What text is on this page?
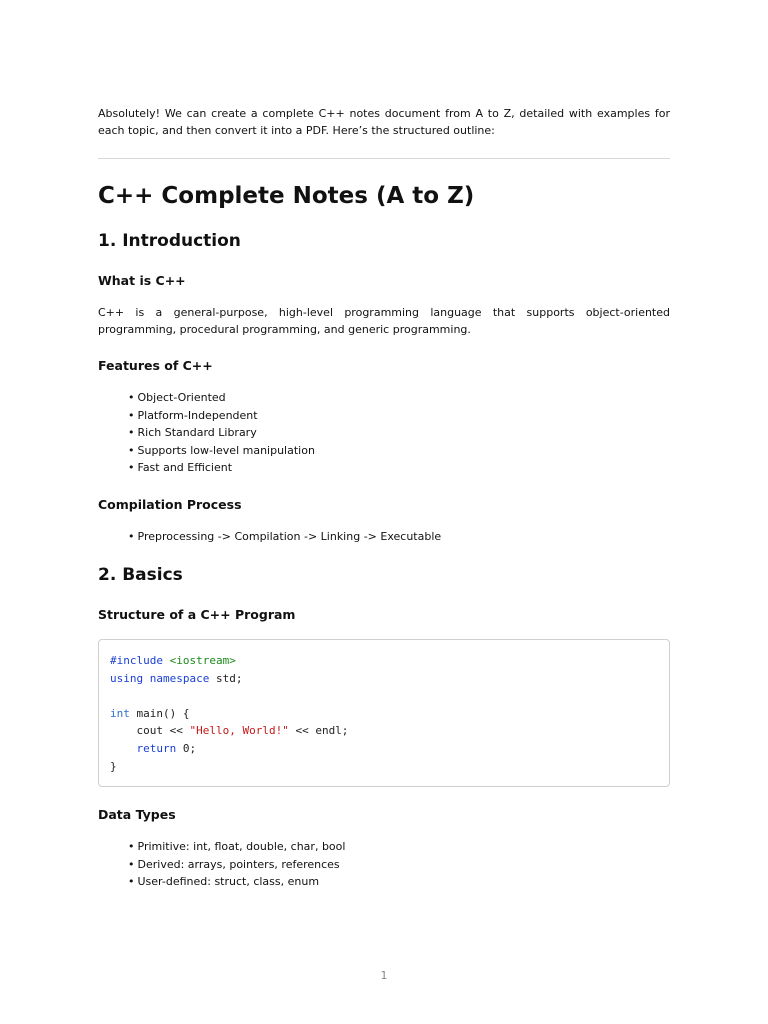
Absolutely! We can create a complete C++ notes document from A to Z, detailed with examples for each topic, and then convert it into a PDF. Here’s the structured outline:

C++ Complete Notes (A to Z)
1. Introduction
What is C++

C++ is a general-purpose, high-level programming language that supports object-oriented programming, procedural programming, and generic programming.

Features of C++
• Object-Oriented
• Platform-Independent
• Rich Standard Library
• Supports low-level manipulation
• Fast and Efficient
Compilation Process
• Preprocessing -> Compilation -> Linking -> Executable
2. Basics
Structure of a C++ Program
#include <iostream>
using namespace std;

int main() {
cout << "Hello, World!" << endl;
return 0;
}
Data Types
• Primitive: int, float, double, char, bool
• Derived: arrays, pointers, references
• User-defined: struct, class, enum
1
